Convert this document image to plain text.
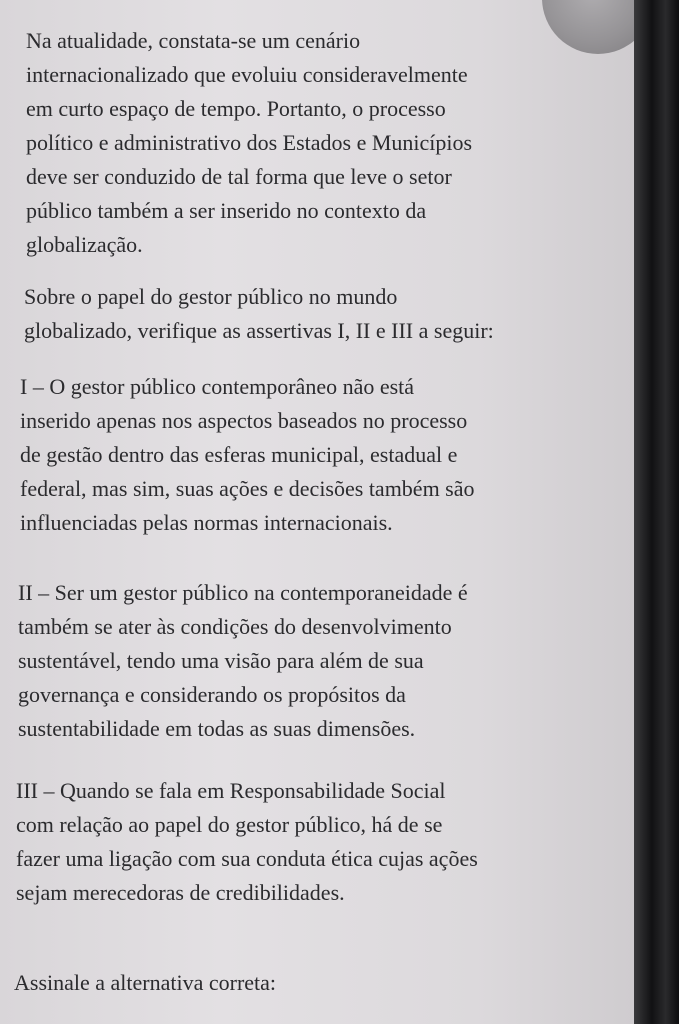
Na atualidade, constata-se um cenário
internacionalizado que evoluiu consideravelmente
em curto espaço de tempo. Portanto, o processo
político e administrativo dos Estados e Municípios
deve ser conduzido de tal forma que leve o setor
público também a ser inserido no contexto da
globalização.

Sobre o papel do gestor público no mundo
globalizado, verifique as assertivas I, II e III a seguir:

I – O gestor público contemporâneo não está
inserido apenas nos aspectos baseados no processo
de gestão dentro das esferas municipal, estadual e
federal, mas sim, suas ações e decisões também são
influenciadas pelas normas internacionais.

II – Ser um gestor público na contemporaneidade é
também se ater às condições do desenvolvimento
sustentável, tendo uma visão para além de sua
governança e considerando os propósitos da
sustentabilidade em todas as suas dimensões.

III – Quando se fala em Responsabilidade Social
com relação ao papel do gestor público, há de se
fazer uma ligação com sua conduta ética cujas ações
sejam merecedoras de credibilidades.

Assinale a alternativa correta:
